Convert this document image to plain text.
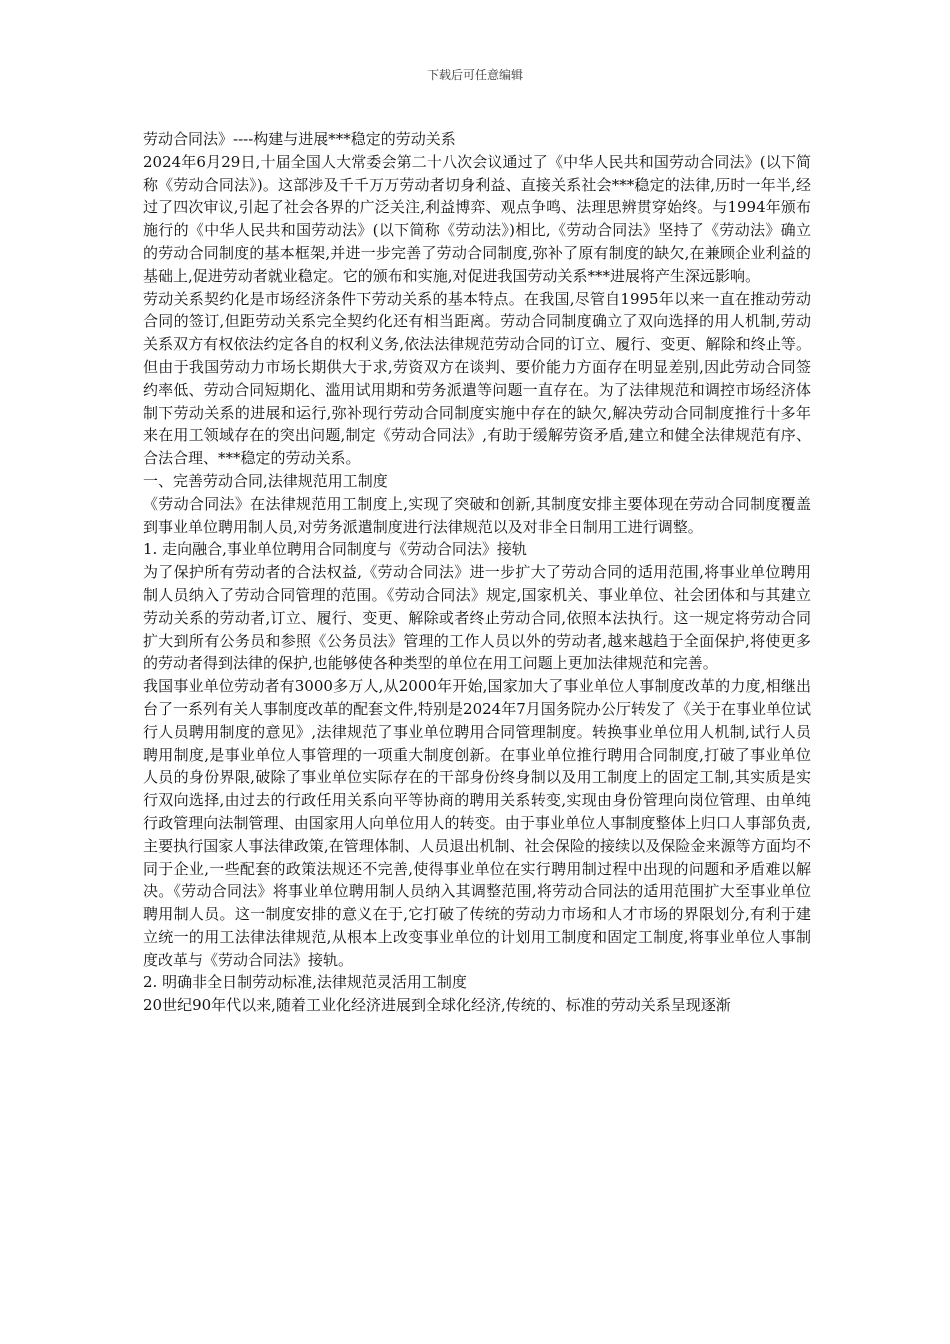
下载后可任意编辑

劳动合同法》----构建与进展***稳定的劳动关系

2024年6月29日,十届全国人大常委会第二十八次会议通过了《中华人民共和国劳动合同法》(以下简称《劳动合同法》)。这部涉及千千万万劳动者切身利益、直接关系社会***稳定的法律,历时一年半,经过了四次审议,引起了社会各界的广泛关注,利益博弈、观点争鸣、法理思辨贯穿始终。与1994年颁布施行的《中华人民共和国劳动法》(以下简称《劳动法》)相比,《劳动合同法》坚持了《劳动法》确立的劳动合同制度的基本框架,并进一步完善了劳动合同制度,弥补了原有制度的缺欠,在兼顾企业利益的基础上,促进劳动者就业稳定。它的颁布和实施,对促进我国劳动关系***进展将产生深远影响。

劳动关系契约化是市场经济条件下劳动关系的基本特点。在我国,尽管自1995年以来一直在推动劳动合同的签订,但距劳动关系完全契约化还有相当距离。劳动合同制度确立了双向选择的用人机制,劳动关系双方有权依法约定各自的权利义务,依法法律规范劳动合同的订立、履行、变更、解除和终止等。但由于我国劳动力市场长期供大于求,劳资双方在谈判、要价能力方面存在明显差别,因此劳动合同签约率低、劳动合同短期化、滥用试用期和劳务派遣等问题一直存在。为了法律规范和调控市场经济体制下劳动关系的进展和运行,弥补现行劳动合同制度实施中存在的缺欠,解决劳动合同制度推行十多年来在用工领域存在的突出问题,制定《劳动合同法》,有助于缓解劳资矛盾,建立和健全法律规范有序、合法合理、***稳定的劳动关系。

一、完善劳动合同,法律规范用工制度

《劳动合同法》在法律规范用工制度上,实现了突破和创新,其制度安排主要体现在劳动合同制度覆盖到事业单位聘用制人员,对劳务派遣制度进行法律规范以及对非全日制用工进行调整。

1. 走向融合,事业单位聘用合同制度与《劳动合同法》接轨

为了保护所有劳动者的合法权益,《劳动合同法》进一步扩大了劳动合同的适用范围,将事业单位聘用制人员纳入了劳动合同管理的范围。《劳动合同法》规定,国家机关、事业单位、社会团体和与其建立劳动关系的劳动者,订立、履行、变更、解除或者终止劳动合同,依照本法执行。这一规定将劳动合同扩大到所有公务员和参照《公务员法》管理的工作人员以外的劳动者,越来越趋于全面保护,将使更多的劳动者得到法律的保护,也能够使各种类型的单位在用工问题上更加法律规范和完善。

我国事业单位劳动者有3000多万人,从2000年开始,国家加大了事业单位人事制度改革的力度,相继出台了一系列有关人事制度改革的配套文件,特别是2024年7月国务院办公厅转发了《关于在事业单位试行人员聘用制度的意见》,法律规范了事业单位聘用合同管理制度。转换事业单位用人机制,试行人员聘用制度,是事业单位人事管理的一项重大制度创新。在事业单位推行聘用合同制度,打破了事业单位人员的身份界限,破除了事业单位实际存在的干部身份终身制以及用工制度上的固定工制,其实质是实行双向选择,由过去的行政任用关系向平等协商的聘用关系转变,实现由身份管理向岗位管理、由单纯行政管理向法制管理、由国家用人向单位用人的转变。由于事业单位人事制度整体上归口人事部负责,主要执行国家人事法律政策,在管理体制、人员退出机制、社会保险的接续以及保险金来源等方面均不同于企业,一些配套的政策法规还不完善,使得事业单位在实行聘用制过程中出现的问题和矛盾难以解决。《劳动合同法》将事业单位聘用制人员纳入其调整范围,将劳动合同法的适用范围扩大至事业单位聘用制人员。这一制度安排的意义在于,它打破了传统的劳动力市场和人才市场的界限划分,有利于建立统一的用工法律法律规范,从根本上改变事业单位的计划用工制度和固定工制度,将事业单位人事制度改革与《劳动合同法》接轨。

2. 明确非全日制劳动标准,法律规范灵活用工制度

20世纪90年代以来,随着工业化经济进展到全球化经济,传统的、标准的劳动关系呈现逐渐
